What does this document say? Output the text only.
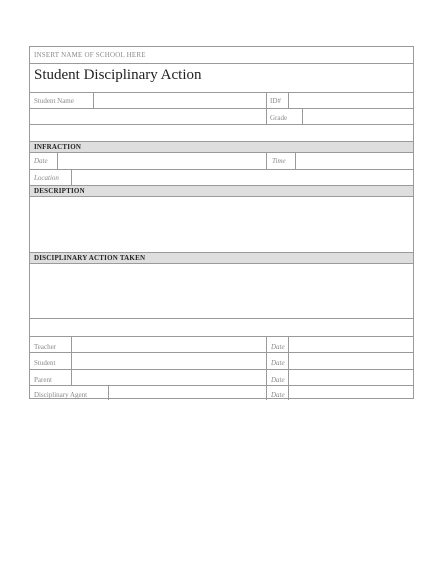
INSERT NAME OF SCHOOL HERE
Student Disciplinary Action
Student Name	ID#
Grade
INFRACTION
Date	Time
Location
DESCRIPTION
DISCIPLINARY ACTION TAKEN
Teacher	Date
Student	Date
Parent	Date
Disciplinary Agent	Date
